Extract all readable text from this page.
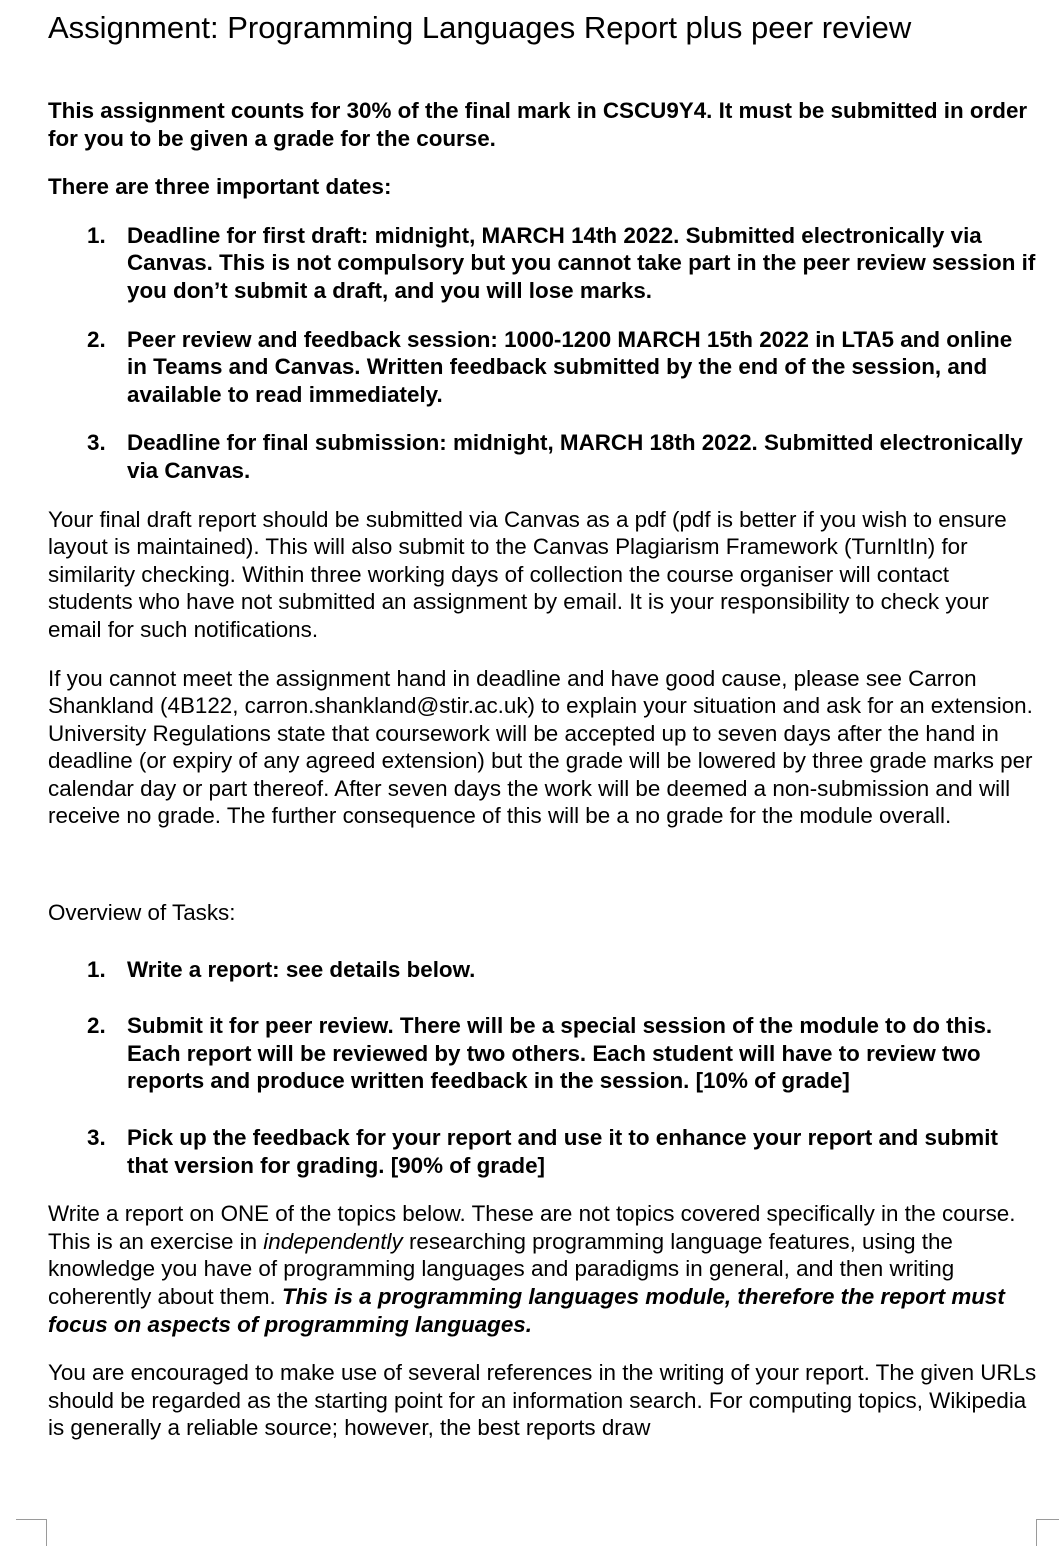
Assignment: Programming Languages Report plus peer review
This assignment counts for 30% of the final mark in CSCU9Y4. It must be submitted in order for you to be given a grade for the course.
There are three important dates:
1. Deadline for first draft: midnight, MARCH 14th 2022. Submitted electronically via Canvas. This is not compulsory but you cannot take part in the peer review session if you don’t submit a draft, and you will lose marks.
2. Peer review and feedback session: 1000-1200 MARCH 15th 2022 in LTA5 and online in Teams and Canvas. Written feedback submitted by the end of the session, and available to read immediately.
3. Deadline for final submission: midnight, MARCH 18th 2022. Submitted electronically via Canvas.
Your final draft report should be submitted via Canvas as a pdf (pdf is better if you wish to ensure layout is maintained). This will also submit to the Canvas Plagiarism Framework (TurnItIn) for similarity checking. Within three working days of collection the course organiser will contact students who have not submitted an assignment by email. It is your responsibility to check your email for such notifications.
If you cannot meet the assignment hand in deadline and have good cause, please see Carron Shankland (4B122, carron.shankland@stir.ac.uk) to explain your situation and ask for an extension. University Regulations state that coursework will be accepted up to seven days after the hand in deadline (or expiry of any agreed extension) but the grade will be lowered by three grade marks per calendar day or part thereof. After seven days the work will be deemed a non-submission and will receive no grade. The further consequence of this will be a no grade for the module overall.
Overview of Tasks:
1. Write a report: see details below.
2. Submit it for peer review. There will be a special session of the module to do this. Each report will be reviewed by two others. Each student will have to review two reports and produce written feedback in the session. [10% of grade]
3. Pick up the feedback for your report and use it to enhance your report and submit that version for grading. [90% of grade]
Write a report on ONE of the topics below. These are not topics covered specifically in the course. This is an exercise in independently researching programming language features, using the knowledge you have of programming languages and paradigms in general, and then writing coherently about them. This is a programming languages module, therefore the report must focus on aspects of programming languages.
You are encouraged to make use of several references in the writing of your report. The given URLs should be regarded as the starting point for an information search. For computing topics, Wikipedia is generally a reliable source; however, the best reports draw
